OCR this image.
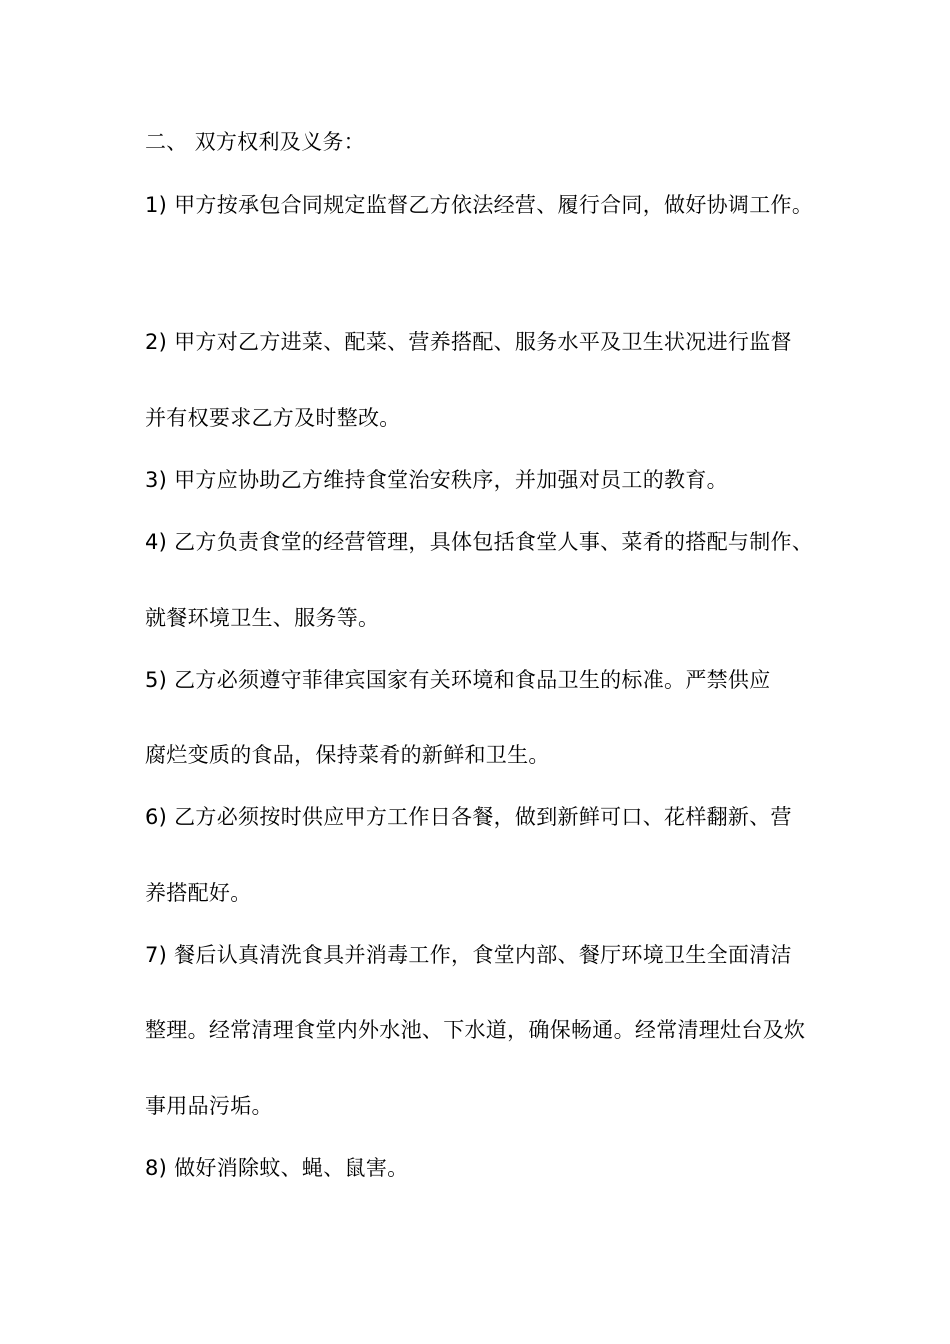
二、 双方权利及义务：
1) 甲方按承包合同规定监督乙方依法经营、履行合同，做好协调工作。
2) 甲方对乙方进菜、配菜、营养搭配、服务水平及卫生状况进行监督
并有权要求乙方及时整改。
3) 甲方应协助乙方维持食堂治安秩序，并加强对员工的教育。
4) 乙方负责食堂的经营管理，具体包括食堂人事、菜肴的搭配与制作、
就餐环境卫生、服务等。
5) 乙方必须遵守菲律宾国家有关环境和食品卫生的标准。严禁供应
腐烂变质的食品，保持菜肴的新鲜和卫生。
6) 乙方必须按时供应甲方工作日各餐，做到新鲜可口、花样翻新、营
养搭配好。
7) 餐后认真清洗食具并消毒工作，食堂内部、餐厅环境卫生全面清洁
整理。经常清理食堂内外水池、下水道，确保畅通。经常清理灶台及炊
事用品污垢。
8) 做好消除蚊、蝇、鼠害。
